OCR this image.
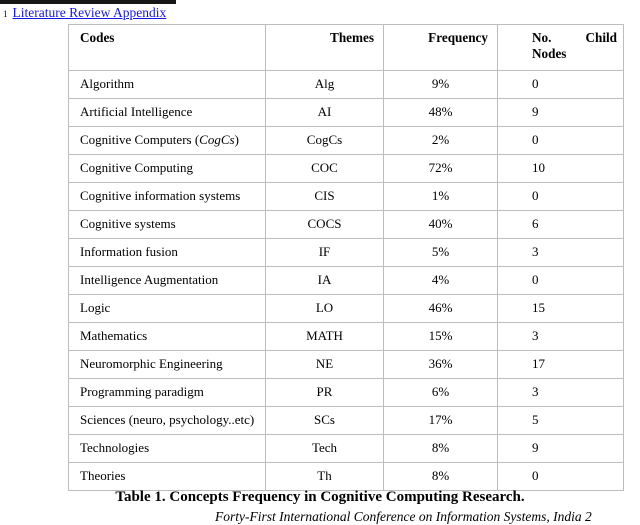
1 Literature Review Appendix
Codes	Themes	Frequency	No. Child
Nodes

Algorithm	Alg	9%	0
Artificial Intelligence	AI	48%	9
Cognitive Computers (CogCs)	CogCs	2%	0
Cognitive Computing	COC	72%	10
Cognitive information systems	CIS	1%	0
Cognitive systems	COCS	40%	6
Information fusion	IF	5%	3
Intelligence Augmentation	IA	4%	0
Logic	LO	46%	15
Mathematics	MATH	15%	3
Neuromorphic Engineering	NE	36%	17
Programming paradigm	PR	6%	3
Sciences (neuro, psychology..etc)	SCs	17%	5
Technologies	Tech	8%	9
Theories	Th	8%	0
Table 1. Concepts Frequency in Cognitive Computing Research.
Forty-First International Conference on Information Systems, India 2
